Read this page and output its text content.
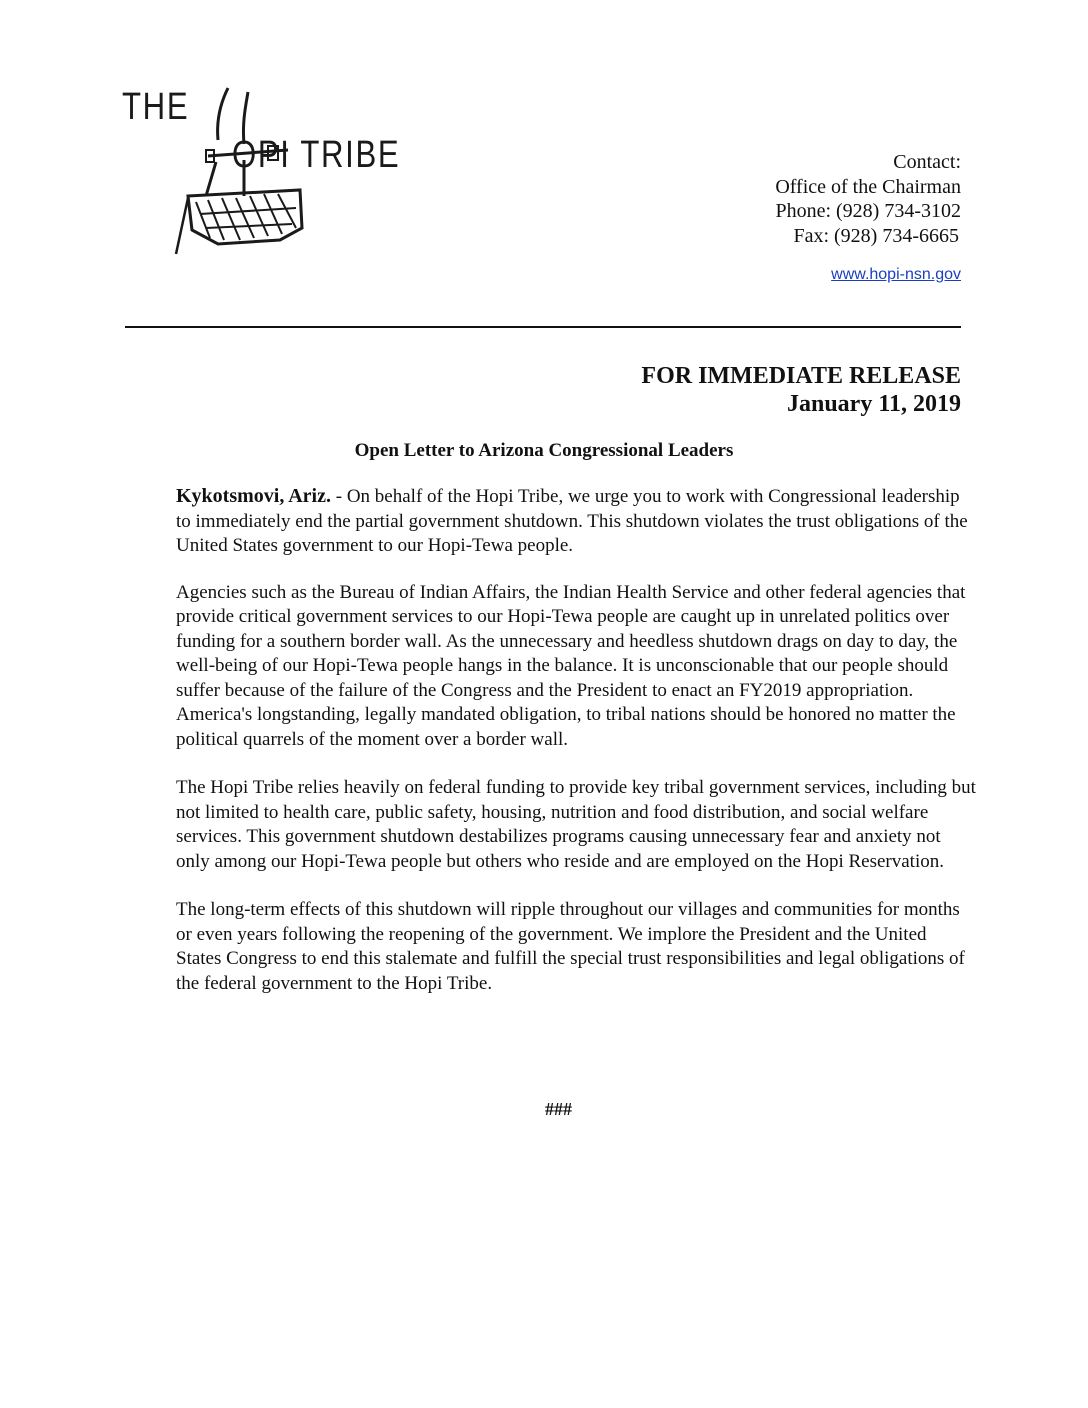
THE
OPI TRIBE	Contact:
Office of the Chairman
Phone: (928) 734-3102
Fax: (928) 734-6665
www.hopi-nsn.gov
FOR IMMEDIATE RELEASE
January 11, 2019
Open Letter to Arizona Congressional Leaders

Kykotsmovi, Ariz. - On behalf of the Hopi Tribe, we urge you to work with Congressional leadership to immediately end the partial government shutdown. This shutdown violates the trust obligations of the United States government to our Hopi-Tewa people.

Agencies such as the Bureau of Indian Affairs, the Indian Health Service and other federal agencies that provide critical government services to our Hopi-Tewa people are caught up in unrelated politics over funding for a southern border wall. As the unnecessary and heedless shutdown drags on day to day, the well-being of our Hopi-Tewa people hangs in the balance. It is unconscionable that our people should suffer because of the failure of the Congress and the President to enact an FY2019 appropriation. America's longstanding, legally mandated obligation, to tribal nations should be honored no matter the political quarrels of the moment over a border wall.

The Hopi Tribe relies heavily on federal funding to provide key tribal government services, including but not limited to health care, public safety, housing, nutrition and food distribution, and social welfare services. This government shutdown destabilizes programs causing unnecessary fear and anxiety not only among our Hopi-Tewa people but others who reside and are employed on the Hopi Reservation.

The long-term effects of this shutdown will ripple throughout our villages and communities for months or even years following the reopening of the government. We implore the President and the United States Congress to end this stalemate and fulfill the special trust responsibilities and legal obligations of the federal government to the Hopi Tribe.

###
